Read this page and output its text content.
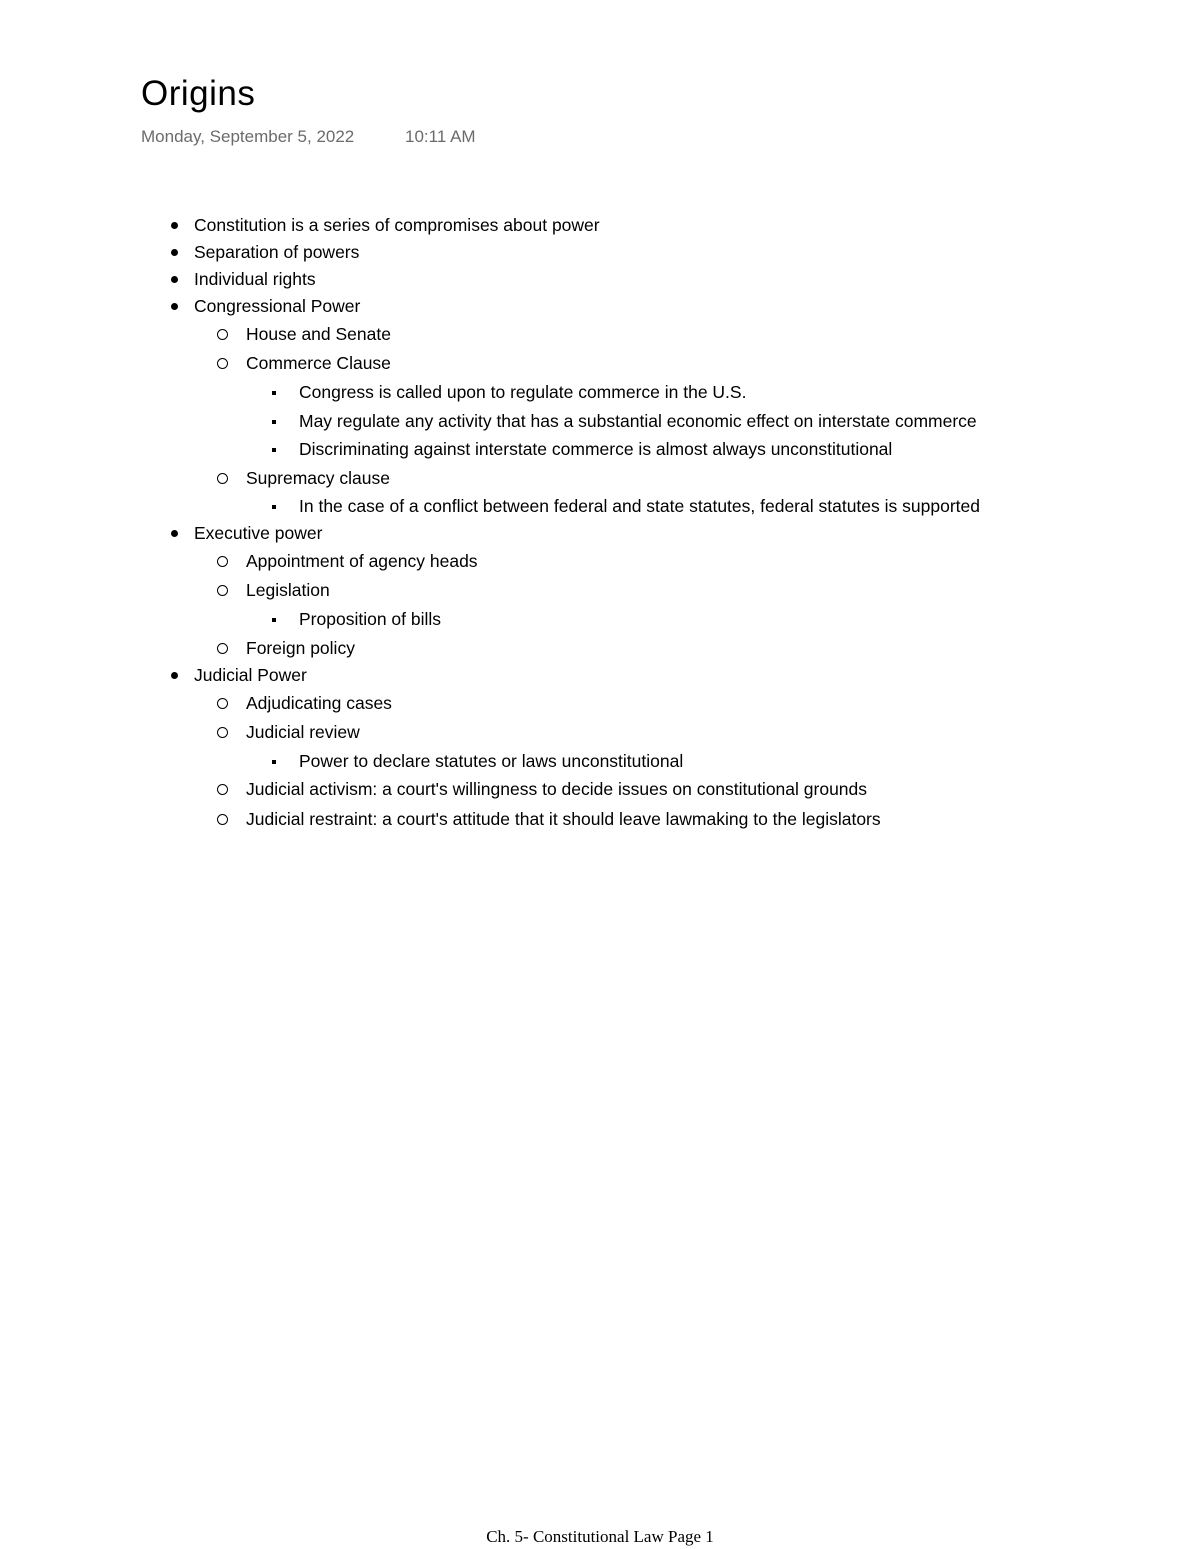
Origins
Monday, September 5, 2022	10:11 AM
Constitution is a series of compromises about power
Separation of powers
Individual rights
Congressional Power
House and Senate
Commerce Clause
Congress is called upon to regulate commerce in the U.S.
May regulate any activity that has a substantial economic effect on interstate commerce
Discriminating against interstate commerce is almost always unconstitutional
Supremacy clause
In the case of a conflict between federal and state statutes, federal statutes is supported
Executive power
Appointment of agency heads
Legislation
Proposition of bills
Foreign policy
Judicial Power
Adjudicating cases
Judicial review
Power to declare statutes or laws unconstitutional
Judicial activism: a court's willingness to decide issues on constitutional grounds
Judicial restraint: a court's attitude that it should leave lawmaking to the legislators
Ch. 5- Constitutional Law Page 1
